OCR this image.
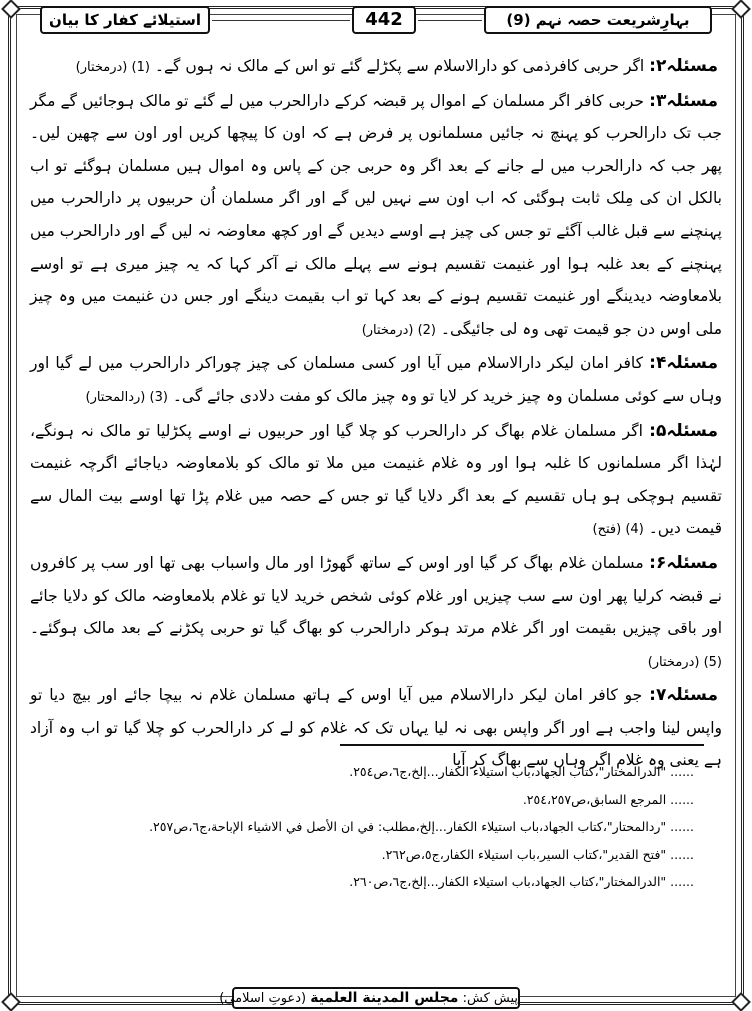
بہارِشریعت حصہ نہم (9)
442
استیلائے کفار کا بیان

مسئلہ۲: اگر حربی کافرذمی کو دارالاسلام سے پکڑلے گئے تو اس کے مالک نہ ہوں گے۔ (1) (درمختار)

مسئلہ۳: حربی کافر اگر مسلمان کے اموال پر قبضہ کرکے دارالحرب میں لے گئے تو مالک ہوجائیں گے مگر جب تک دارالحرب کو پہنچ نہ جائیں مسلمانوں پر فرض ہے کہ اون کا پیچھا کریں اور اون سے چھین لیں۔ پھر جب کہ دارالحرب میں لے جانے کے بعد اگر وہ حربی جن کے پاس وہ اموال ہیں مسلمان ہوگئے تو اب بالکل ان کی مِلک ثابت ہوگئی کہ اب اون سے نہیں لیں گے اور اگر مسلمان اُن حربیوں پر دارالحرب میں پہنچنے سے قبل غالب آگئے تو جس کی چیز ہے اوسے دیدیں گے اور کچھ معاوضہ نہ لیں گے اور دارالحرب میں پہنچنے کے بعد غلبہ ہوا اور غنیمت تقسیم ہونے سے پہلے مالک نے آکر کہا کہ یہ چیز میری ہے تو اوسے بلامعاوضہ دیدینگے اور غنیمت تقسیم ہونے کے بعد کہا تو اب بقیمت دینگے اور جس دن غنیمت میں وہ چیز ملی اوس دن جو قیمت تھی وہ لی جائیگی۔ (2) (درمختار)

مسئلہ۴: کافر امان لیکر دارالاسلام میں آیا اور کسی مسلمان کی چیز چوراکر دارالحرب میں لے گیا اور وہاں سے کوئی مسلمان وہ چیز خرید کر لایا تو وہ چیز مالک کو مفت دلادی جائے گی۔ (3) (ردالمحتار)

مسئلہ۵: اگر مسلمان غلام بھاگ کر دارالحرب کو چلا گیا اور حربیوں نے اوسے پکڑلیا تو مالک نہ ہونگے، لہٰذا اگر مسلمانوں کا غلبہ ہوا اور وہ غلام غنیمت میں ملا تو مالک کو بلامعاوضہ دیاجائے اگرچہ غنیمت تقسیم ہوچکی ہو ہاں تقسیم کے بعد اگر دلایا گیا تو جس کے حصہ میں غلام پڑا تھا اوسے بیت المال سے قیمت دیں۔ (4) (فتح)

مسئلہ۶: مسلمان غلام بھاگ کر گیا اور اوس کے ساتھ گھوڑا اور مال واسباب بھی تھا اور سب پر کافروں نے قبضہ کرلیا پھر اون سے سب چیزیں اور غلام کوئی شخص خرید لایا تو غلام بلامعاوضہ مالک کو دلایا جائے اور باقی چیزیں بقیمت اور اگر غلام مرتد ہوکر دارالحرب کو بھاگ گیا تو حربی پکڑنے کے بعد مالک ہوگئے۔ (5) (درمختار)

مسئلہ۷: جو کافر امان لیکر دارالاسلام میں آیا اوس کے ہاتھ مسلمان غلام نہ بیچا جائے اور بیچ دیا تو واپس لینا واجب ہے اور اگر واپس بھی نہ لیا یہاں تک کہ غلام کو لے کر دارالحرب کو چلا گیا تو اب وہ آزاد ہے یعنی وہ غلام اگر وہاں سے بھاگ کر آیا

...... "الدرالمختار"،کتاب الجهاد،باب استيلاء الكفار...إلخ،ج٦،ص٢٥٤.
...... المرجع السابق،ص٢٥٤،٢٥٧.
...... "ردالمحتار"،كتاب الجهاد،باب استيلاء الكفار...إلخ،مطلب: في ان الأصل في الاشياء الإباحة،ج٦،ص٢٥٧.
...... "فتح القدير"،كتاب السير،باب استيلاء الكفار،ج٥،ص٢٦٢.
...... "الدرالمختار"،كتاب الجهاد،باب استيلاء الكفار...إلخ،ج٦،ص٢٦٠.
پیش کش: مجلس المدينة العلمية (دعوتِ اسلامی)
